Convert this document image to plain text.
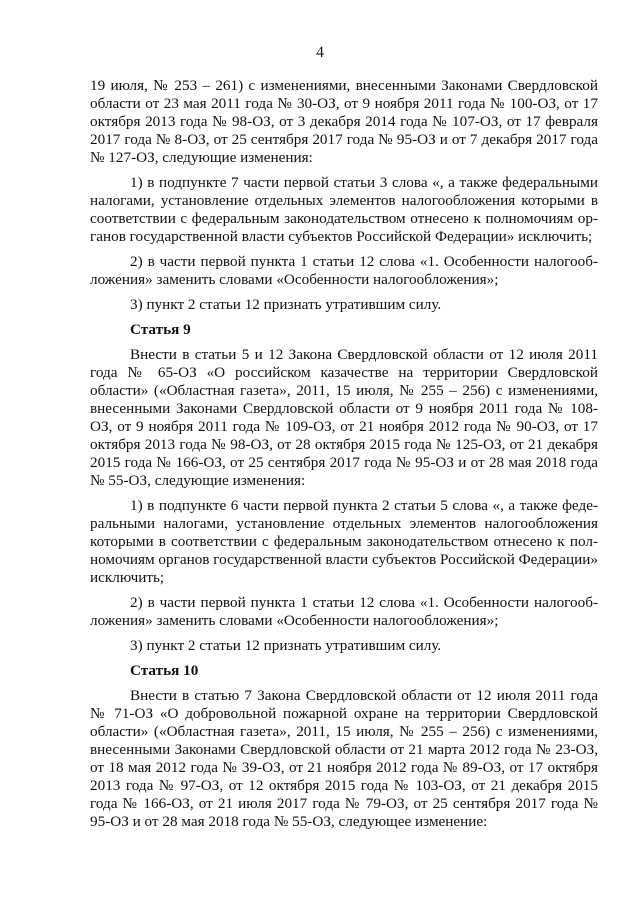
4

19 июля, № 253 – 261) с изменениями, внесенными Законами Свердловской области от 23 мая 2011 года № 30-ОЗ, от 9 ноября 2011 года № 100-ОЗ, от 17 октября 2013 года № 98-ОЗ, от 3 декабря 2014 года № 107-ОЗ, от 17 февраля 2017 года № 8-ОЗ, от 25 сентября 2017 года № 95-ОЗ и от 7 декабря 2017 года № 127-ОЗ, следующие изменения:

1) в подпункте 7 части первой статьи 3 слова «, а также федеральными налогами, установление отдельных элементов налогообложения которыми в соответствии с федеральным законодательством отнесено к полномочиям органов государственной власти субъектов Российской Федерации» исключить;

2) в части первой пункта 1 статьи 12 слова «1. Особенности налогообложения» заменить словами «Особенности налогообложения»;

3) пункт 2 статьи 12 признать утратившим силу.

Статья 9

Внести в статьи 5 и 12 Закона Свердловской области от 12 июля 2011 года № 65-ОЗ «О российском казачестве на территории Свердловской области» («Областная газета», 2011, 15 июля, № 255 – 256) с изменениями, внесенными Законами Свердловской области от 9 ноября 2011 года № 108-ОЗ, от 9 ноября 2011 года № 109-ОЗ, от 21 ноября 2012 года № 90-ОЗ, от 17 октября 2013 года № 98-ОЗ, от 28 октября 2015 года № 125-ОЗ, от 21 декабря 2015 года № 166-ОЗ, от 25 сентября 2017 года № 95-ОЗ и от 28 мая 2018 года № 55-ОЗ, следующие изменения:

1) в подпункте 6 части первой пункта 2 статьи 5 слова «, а также федеральными налогами, установление отдельных элементов налогообложения которыми в соответствии с федеральным законодательством отнесено к полномочиям органов государственной власти субъектов Российской Федерации» исключить;

2) в части первой пункта 1 статьи 12 слова «1. Особенности налогообложения» заменить словами «Особенности налогообложения»;

3) пункт 2 статьи 12 признать утратившим силу.

Статья 10

Внести в статью 7 Закона Свердловской области от 12 июля 2011 года № 71-ОЗ «О добровольной пожарной охране на территории Свердловской области» («Областная газета», 2011, 15 июля, № 255 – 256) с изменениями, внесенными Законами Свердловской области от 21 марта 2012 года № 23-ОЗ, от 18 мая 2012 года № 39-ОЗ, от 21 ноября 2012 года № 89-ОЗ, от 17 октября 2013 года № 97-ОЗ, от 12 октября 2015 года № 103-ОЗ, от 21 декабря 2015 года № 166-ОЗ, от 21 июля 2017 года № 79-ОЗ, от 25 сентября 2017 года № 95-ОЗ и от 28 мая 2018 года № 55-ОЗ, следующее изменение:
